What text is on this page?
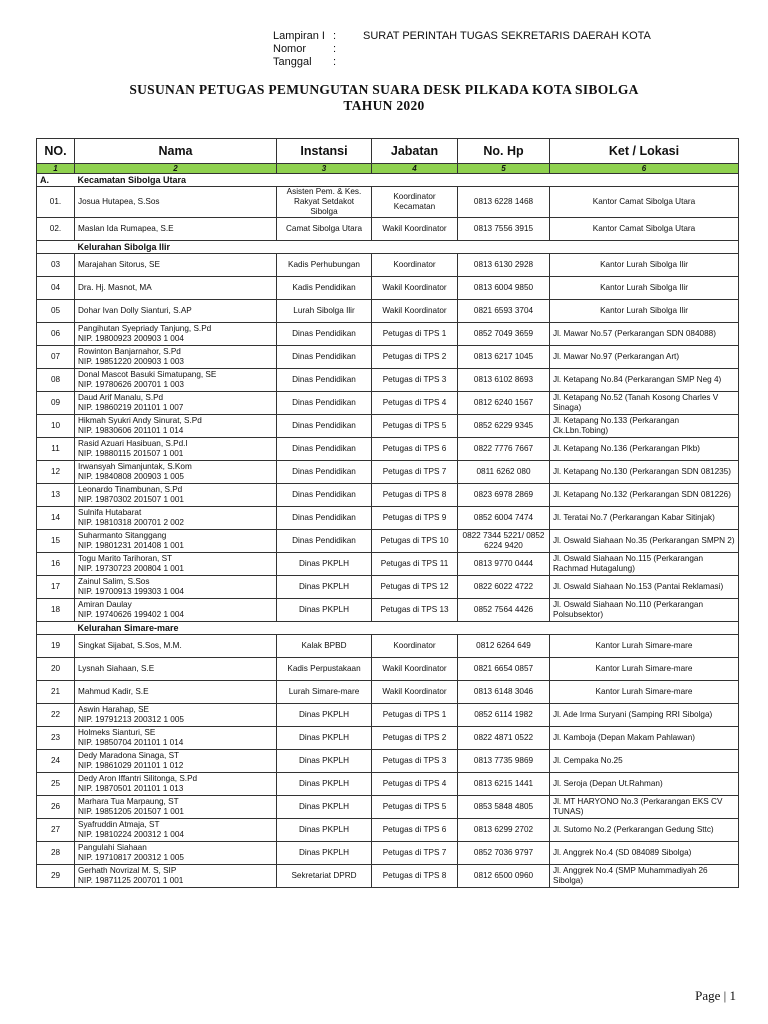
Lampiran I :	SURAT PERINTAH TUGAS SEKRETARIS DAERAH KOTA
Nomor	:
Tanggal	:
SUSUNAN PETUGAS PEMUNGUTAN SUARA DESK PILKADA KOTA SIBOLGA
TAHUN 2020
NO.	Nama	Instansi	Jabatan	No. Hp	Ket / Lokasi
1	2	3	4	5	6
A.	Kecamatan Sibolga Utara				
01.	Josua Hutapea, S.Sos	Asisten Pem. & Kes. Rakyat Setdakot Sibolga	Koordinator Kecamatan	0813 6228 1468	Kantor Camat Sibolga Utara
02.	Maslan Ida Rumapea, S.E	Camat Sibolga Utara	Wakil Koordinator	0813 7556 3915	Kantor Camat Sibolga Utara
	Kelurahan Sibolga Ilir				
03	Marajahan Sitorus, SE	Kadis Perhubungan	Koordinator	0813 6130 2928	Kantor Lurah Sibolga Ilir
04	Dra. Hj. Masnot, MA	Kadis Pendidikan	Wakil Koordinator	0813 6004 9850	Kantor Lurah Sibolga Ilir
05	Dohar Ivan Dolly Sianturi, S.AP	Lurah Sibolga Ilir	Wakil Koordinator	0821 6593 3704	Kantor Lurah Sibolga Ilir
06	Pangihutan Syepriady Tanjung, S.Pd
NIP. 19800923 200903 1 004	Dinas Pendidikan	Petugas di TPS 1	0852 7049 3659	Jl. Mawar No.57 (Perkarangan SDN 084088)
07	Rowinton Banjarnahor, S.Pd
NIP. 19851220 200903 1 003	Dinas Pendidikan	Petugas di TPS 2	0813 6217 1045	Jl. Mawar No.97 (Perkarangan Art)
08	Donal Mascot Basuki Simatupang, SE
NIP. 19780626 200701 1 003	Dinas Pendidikan	Petugas di TPS 3	0813 6102 8693	Jl. Ketapang No.84 (Perkarangan SMP Neg 4)
09	Daud Arif Manalu, S.Pd
NIP. 19860219 201101 1 007	Dinas Pendidikan	Petugas di TPS 4	0812 6240 1567	Jl. Ketapang No.52 (Tanah Kosong Charles V Sinaga)
10	Hikmah Syukri Andy Sinurat, S.Pd
NIP. 19830606 201101 1 014	Dinas Pendidikan	Petugas di TPS 5	0852 6229 9345	Jl. Ketapang No.133 (Perkarangan Ck.Lbn.Tobing)
11	Rasid Azuari Hasibuan, S.Pd.I
NIP. 19880115 201507 1 001	Dinas Pendidikan	Petugas di TPS 6	0822 7776 7667	Jl. Ketapang No.136 (Perkarangan Plkb)
12	Irwansyah Simanjuntak, S.Kom
NIP. 19840808 200903 1 005	Dinas Pendidikan	Petugas di TPS 7	0811 6262 080	Jl. Ketapang No.130 (Perkarangan SDN 081235)
13	Leonardo Tinambunan, S.Pd
NIP. 19870302 201507 1 001	Dinas Pendidikan	Petugas di TPS 8	0823 6978 2869	Jl. Ketapang No.132 (Perkarangan SDN 081226)
14	Sulnifa Hutabarat
NIP. 19810318 200701 2 002	Dinas Pendidikan	Petugas di TPS 9	0852 6004 7474	Jl. Teratai No.7 (Perkarangan Kabar Sitinjak)
15	Suharmanto Sitanggang
NIP. 19801231 201408 1 001	Dinas Pendidikan	Petugas di TPS 10	0822 7344 5221/ 0852 6224 9420	Jl. Oswald Siahaan No.35 (Perkarangan SMPN 2)
16	Togu Marito Tarihoran, ST
NIP. 19730723 200804 1 001	Dinas PKPLH	Petugas di TPS 11	0813 9770 0444	Jl. Oswald Siahaan No.115 (Perkarangan Rachmad Hutagalung)
17	Zainul Salim, S.Sos
NIP. 19700913 199303 1 004	Dinas PKPLH	Petugas di TPS 12	0822 6022 4722	Jl. Oswald Siahaan No.153 (Pantai Reklamasi)
18	Amiran Daulay
NIP. 19740626 199402 1 004	Dinas PKPLH	Petugas di TPS 13	0852 7564 4426	Jl. Oswald Siahaan No.110 (Perkarangan Polsubsektor)
	Kelurahan Simare-mare				
19	Singkat Sijabat, S.Sos, M.M.	Kalak BPBD	Koordinator	0812 6264 649	Kantor Lurah Simare-mare
20	Lysnah Siahaan, S.E	Kadis Perpustakaan	Wakil Koordinator	0821 6654 0857	Kantor Lurah Simare-mare
21	Mahmud Kadir, S.E	Lurah Simare-mare	Wakil Koordinator	0813 6148 3046	Kantor Lurah Simare-mare
22	Aswin Harahap, SE
NIP. 19791213 200312 1 005	Dinas PKPLH	Petugas di TPS 1	0852 6114 1982	Jl. Ade Irma Suryani (Samping RRI Sibolga)
23	Holmeks Sianturi, SE
NIP. 19850704 201101 1 014	Dinas PKPLH	Petugas di TPS 2	0822 4871 0522	Jl. Kamboja (Depan Makam Pahlawan)
24	Dedy Maradona Sinaga, ST
NIP. 19861029 201101 1 012	Dinas PKPLH	Petugas di TPS 3	0813 7735 9869	Jl. Cempaka No.25
25	Dedy Aron Iffantri Silitonga, S.Pd
NIP. 19870501 201101 1 013	Dinas PKPLH	Petugas di TPS 4	0813 6215 1441	Jl. Seroja (Depan Ut.Rahman)
26	Marhara Tua Marpaung, ST
NIP. 19851205 201507 1 001	Dinas PKPLH	Petugas di TPS 5	0853 5848 4805	Jl. MT HARYONO No.3 (Perkarangan EKS CV TUNAS)
27	Syafruddin Atmaja, ST
NIP. 19810224 200312 1 004	Dinas PKPLH	Petugas di TPS 6	0813 6299 2702	Jl. Sutomo No.2 (Perkarangan Gedung Sttc)
28	Pangulahi Siahaan
NIP. 19710817 200312 1 005	Dinas PKPLH	Petugas di TPS 7	0852 7036 9797	Jl. Anggrek No.4 (SD 084089 Sibolga)
29	Gerhath Novrizal M. S, SIP
NIP. 19871125 200701 1 001	Sekretariat DPRD	Petugas di TPS 8	0812 6500 0960	Jl. Anggrek No.4 (SMP Muhammadiyah 26 Sibolga)
Page | 1
